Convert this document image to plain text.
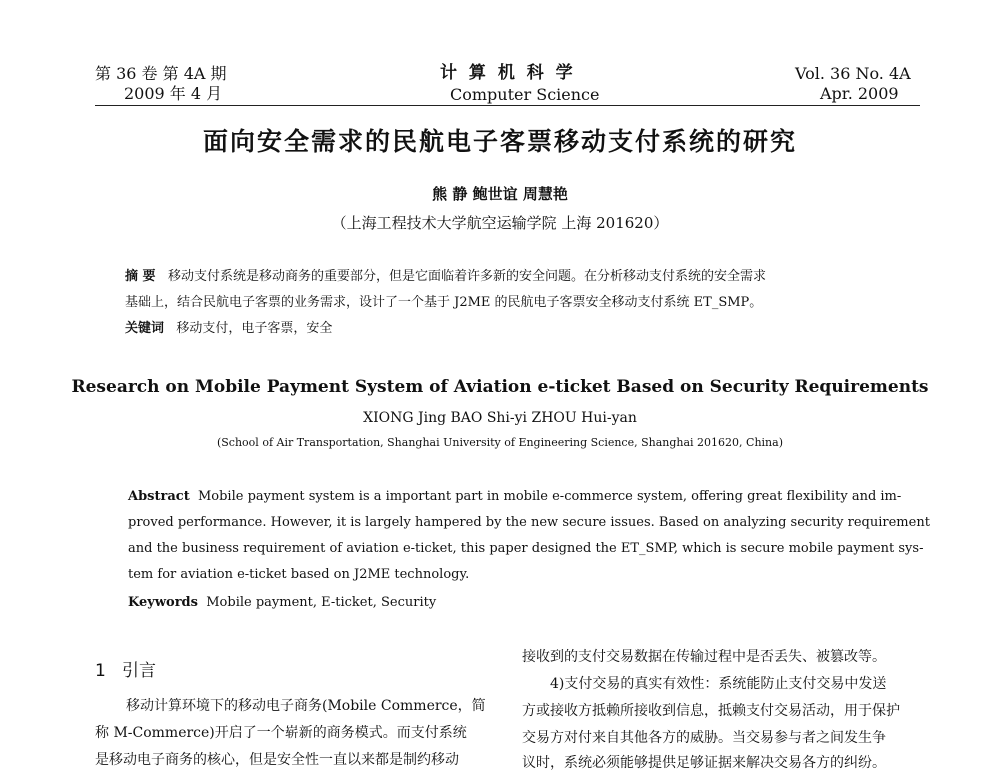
第 36 卷 第 4A 期
2009 年 4 月
计 算 机 科 学
Computer Science
Vol. 36 No. 4A
Apr. 2009
面向安全需求的民航电子客票移动支付系统的研究
熊 静 鲍世谊 周慧艳
（上海工程技术大学航空运输学院 上海 201620）
摘 要 移动支付系统是移动商务的重要部分，但是它面临着许多新的安全问题。在分析移动支付系统的安全需求
基础上，结合民航电子客票的业务需求，设计了一个基于 J2ME 的民航电子客票安全移动支付系统 ET_SMP。
关键词 移动支付，电子客票，安全
Research on Mobile Payment System of Aviation e-ticket Based on Security Requirements
XIONG Jing BAO Shi-yi ZHOU Hui-yan
(School of Air Transportation, Shanghai University of Engineering Science, Shanghai 201620, China)
Abstract Mobile payment system is a important part in mobile e-commerce system, offering great flexibility and im-
proved performance. However, it is largely hampered by the new secure issues. Based on analyzing security requirement
and the business requirement of aviation e-ticket, this paper designed the ET_SMP, which is secure mobile payment sys-
tem for aviation e-ticket based on J2ME technology.
Keywords Mobile payment, E-ticket, Security
1 引言
移动计算环境下的移动电子商务(Mobile Commerce，简
称 M-Commerce)开启了一个崭新的商务模式。而支付系统
是移动电子商务的核心，但是安全性一直以来都是制约移动
接收到的支付交易数据在传输过程中是否丢失、被篡改等。
4)支付交易的真实有效性：系统能防止支付交易中发送
方或接收方抵赖所接收到信息，抵赖支付交易活动，用于保护
交易方对付来自其他各方的威胁。当交易参与者之间发生争
议时，系统必须能够提供足够证据来解决交易各方的纠纷。
